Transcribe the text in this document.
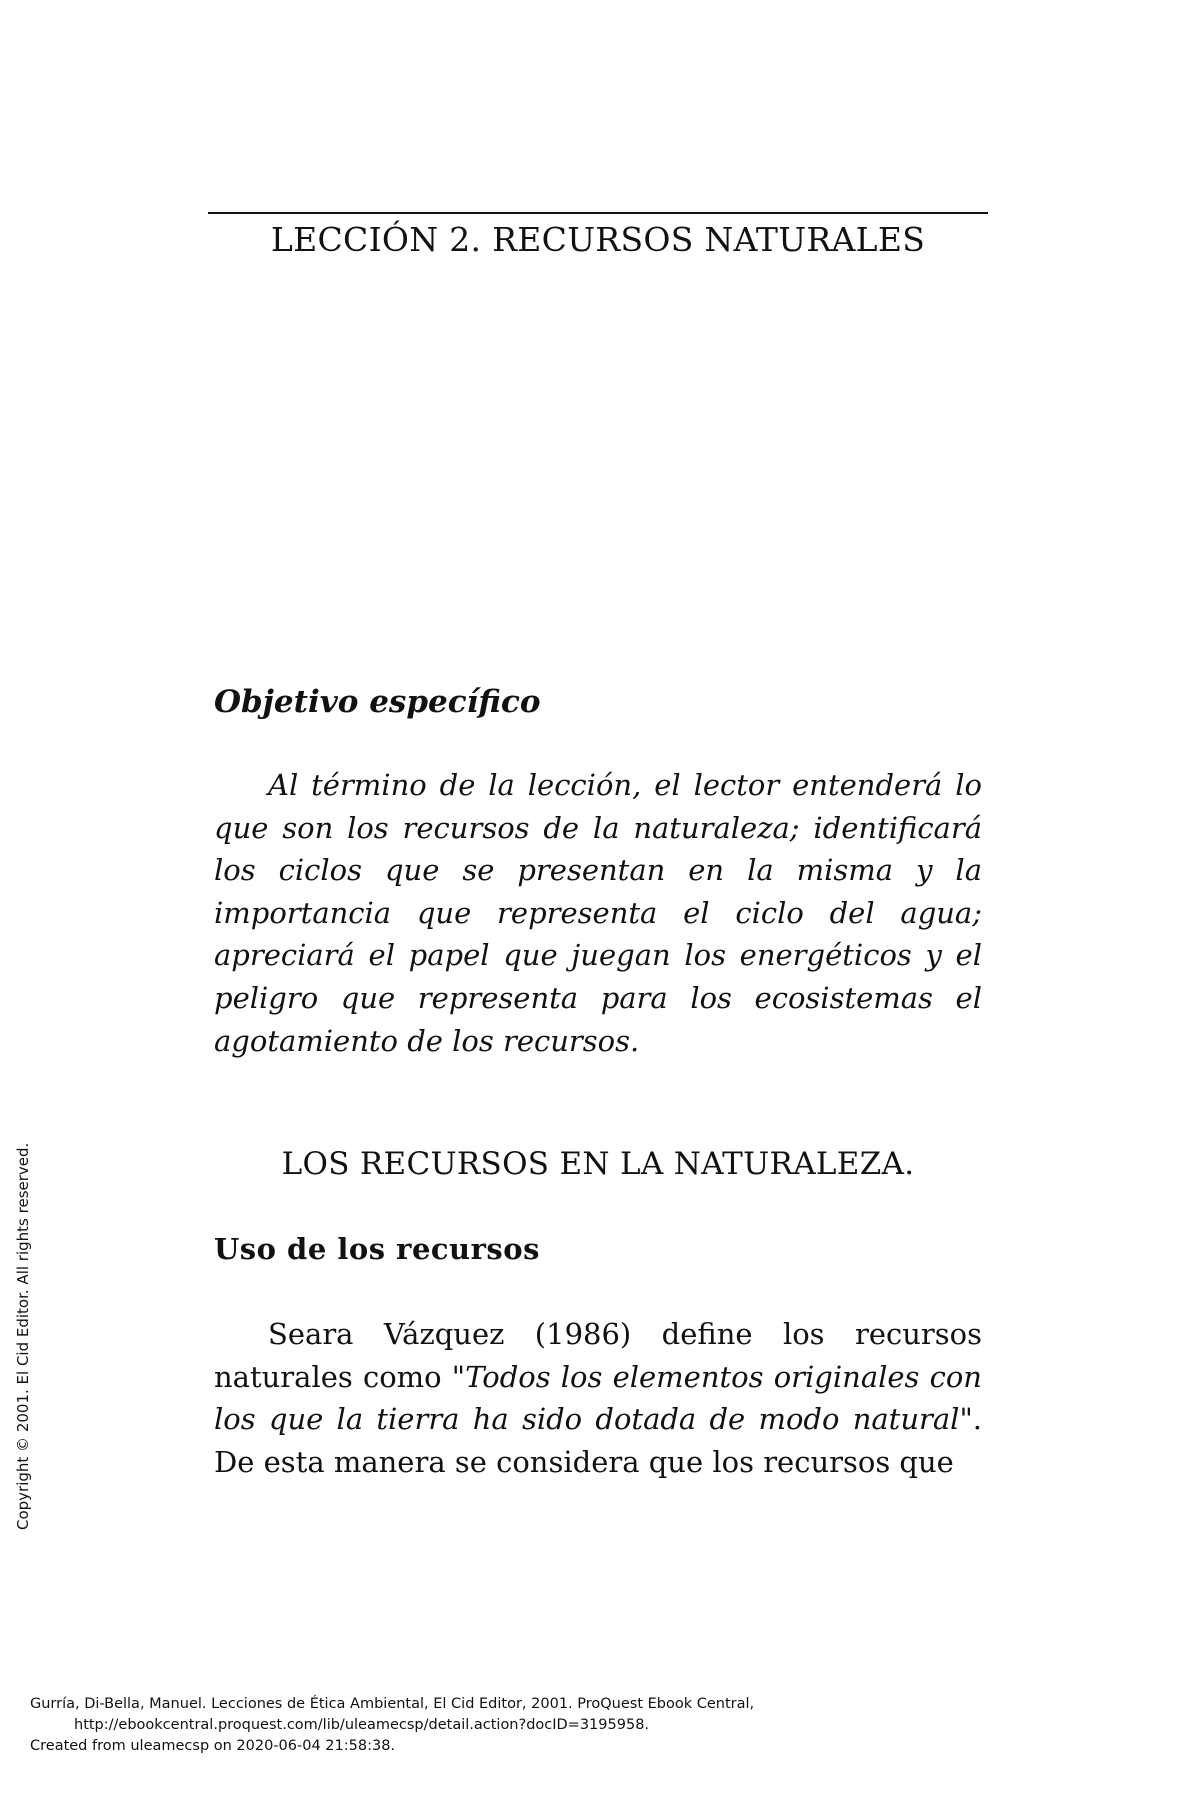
LECCIÓN 2. RECURSOS NATURALES
Objetivo específico

Al término de la lección, el lector entenderá lo que son los recursos de la naturaleza; identificará los ciclos que se presentan en la misma y la importancia que representa el ciclo del agua; apreciará el papel que juegan los energéticos y el peligro que representa para los ecosistemas el agotamiento de los recursos.

LOS RECURSOS EN LA NATURALEZA.
Uso de los recursos

Seara Vázquez (1986) define los recursos naturales como "Todos los elementos originales con los que la tierra ha sido dotada de modo natural". De esta manera se considera que los recursos que

Copyright © 2001. El Cid Editor. All rights reserved.

Gurría, Di-Bella, Manuel. Lecciones de Ética Ambiental, El Cid Editor, 2001. ProQuest Ebook Central,
http://ebookcentral.proquest.com/lib/uleamecsp/detail.action?docID=3195958.
Created from uleamecsp on 2020-06-04 21:58:38.
